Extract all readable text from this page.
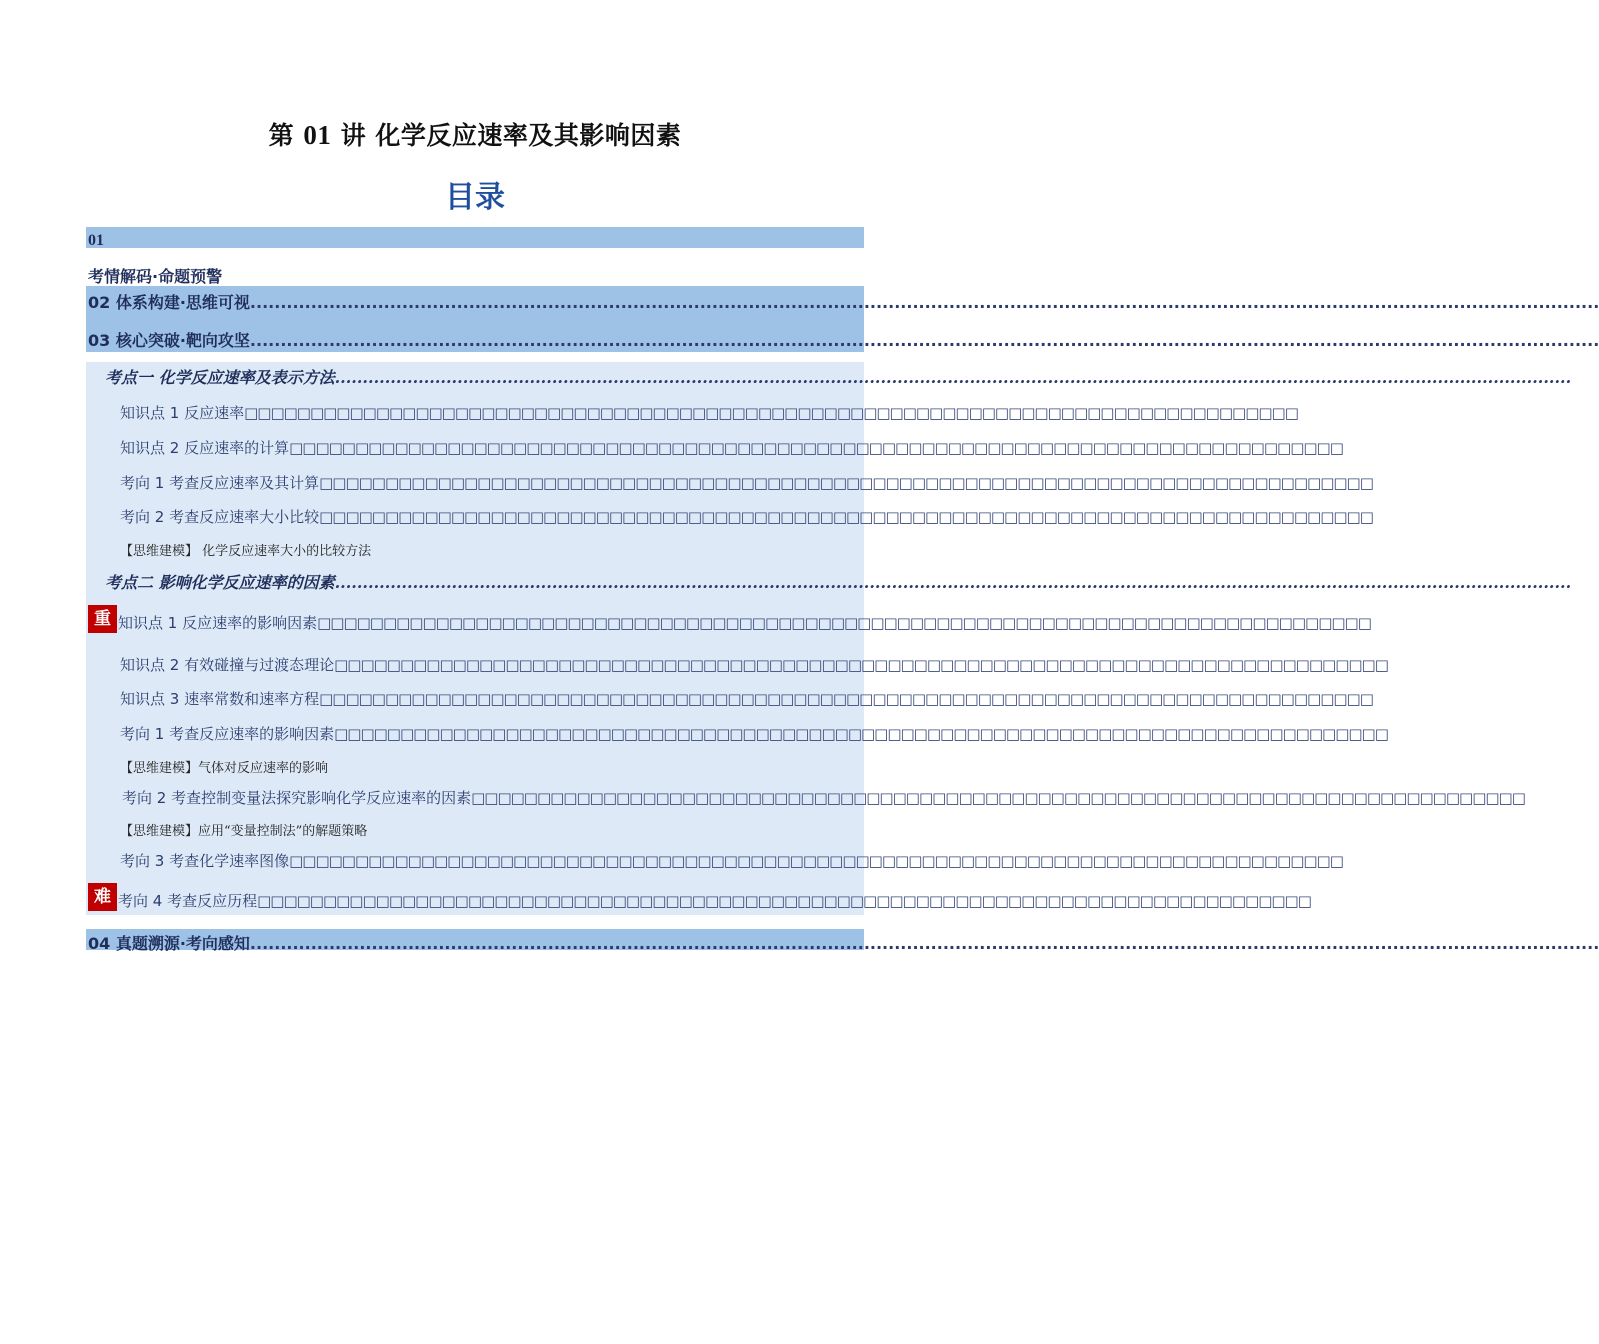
第 01 讲 化学反应速率及其影响因素
目录
01
考情解码·命题预警
02 体系构建·思维可视..............................................................................................................................................................................................................................
03 核心突破·靶向攻坚..............................................................................................................................................................................................................................
考点一 化学反应速率及表示方法..............................................................................................................................................................................................................................
知识点 1 反应速率□□□□□□□□□□□□□□□□□□□□□□□□□□□□□□□□□□□□□□□□□□□□□□□□□□□□□□□□□□□□□□□□□□□□□□□□□□□□□□□□
知识点 2 反应速率的计算□□□□□□□□□□□□□□□□□□□□□□□□□□□□□□□□□□□□□□□□□□□□□□□□□□□□□□□□□□□□□□□□□□□□□□□□□□□□□□□□
考向 1 考查反应速率及其计算□□□□□□□□□□□□□□□□□□□□□□□□□□□□□□□□□□□□□□□□□□□□□□□□□□□□□□□□□□□□□□□□□□□□□□□□□□□□□□□□
考向 2 考查反应速率大小比较□□□□□□□□□□□□□□□□□□□□□□□□□□□□□□□□□□□□□□□□□□□□□□□□□□□□□□□□□□□□□□□□□□□□□□□□□□□□□□□□
【思维建模】 化学反应速率大小的比较方法
考点二 影响化学反应速率的因素..............................................................................................................................................................................................................................
重 知识点 1 反应速率的影响因素□□□□□□□□□□□□□□□□□□□□□□□□□□□□□□□□□□□□□□□□□□□□□□□□□□□□□□□□□□□□□□□□□□□□□□□□□□□□□□□□
知识点 2 有效碰撞与过渡态理论□□□□□□□□□□□□□□□□□□□□□□□□□□□□□□□□□□□□□□□□□□□□□□□□□□□□□□□□□□□□□□□□□□□□□□□□□□□□□□□□
知识点 3 速率常数和速率方程□□□□□□□□□□□□□□□□□□□□□□□□□□□□□□□□□□□□□□□□□□□□□□□□□□□□□□□□□□□□□□□□□□□□□□□□□□□□□□□□
考向 1 考查反应速率的影响因素□□□□□□□□□□□□□□□□□□□□□□□□□□□□□□□□□□□□□□□□□□□□□□□□□□□□□□□□□□□□□□□□□□□□□□□□□□□□□□□□
【思维建模】气体对反应速率的影响
考向 2 考查控制变量法探究影响化学反应速率的因素□□□□□□□□□□□□□□□□□□□□□□□□□□□□□□□□□□□□□□□□□□□□□□□□□□□□□□□□□□□□□□□□□□□□□□□□□□□□□□□□
【思维建模】应用“变量控制法”的解题策略
考向 3 考查化学速率图像□□□□□□□□□□□□□□□□□□□□□□□□□□□□□□□□□□□□□□□□□□□□□□□□□□□□□□□□□□□□□□□□□□□□□□□□□□□□□□□□
难 考向 4 考查反应历程□□□□□□□□□□□□□□□□□□□□□□□□□□□□□□□□□□□□□□□□□□□□□□□□□□□□□□□□□□□□□□□□□□□□□□□□□□□□□□□□
04 真题溯源·考向感知..............................................................................................................................................................................................................................
